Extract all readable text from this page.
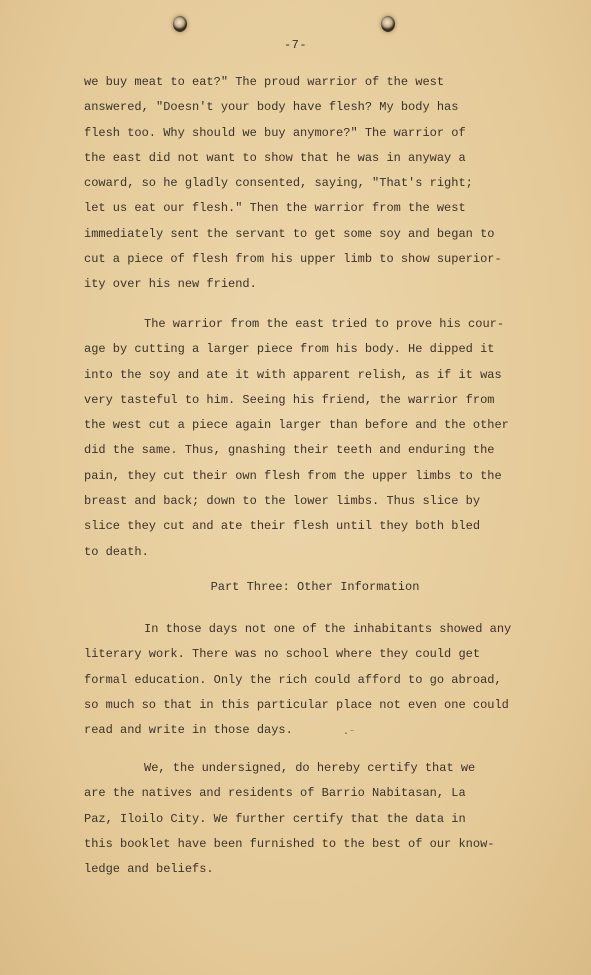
-7-
we buy meat to eat?" The proud warrior of the west
answered, "Doesn't your body have flesh? My body has
flesh too. Why should we buy anymore?" The warrior of
the east did not want to show that he was in anyway a
coward, so he gladly consented, saying, "That's right;
let us eat our flesh." Then the warrior from the west
immediately sent the servant to get some soy and began to
cut a piece of flesh from his upper limb to show superior-
ity over his new friend.
The warrior from the east tried to prove his cour-
age by cutting a larger piece from his body. He dipped it
into the soy and ate it with apparent relish, as if it was
very tasteful to him. Seeing his friend, the warrior from
the west cut a piece again larger than before and the other
did the same. Thus, gnashing their teeth and enduring the
pain, they cut their own flesh from the upper limbs to the
breast and back; down to the lower limbs. Thus slice by
slice they cut and ate their flesh until they both bled
to death.
Part Three: Other Information
In those days not one of the inhabitants showed any
literary work. There was no school where they could get
formal education. Only the rich could afford to go abroad,
so much so that in this particular place not even one could
read and write in those days.	·⁻
We, the undersigned, do hereby certify that we
are the natives and residents of Barrio Nabitasan, La
Paz, Iloilo City. We further certify that the data in
this booklet have been furnished to the best of our know-
ledge and beliefs.
